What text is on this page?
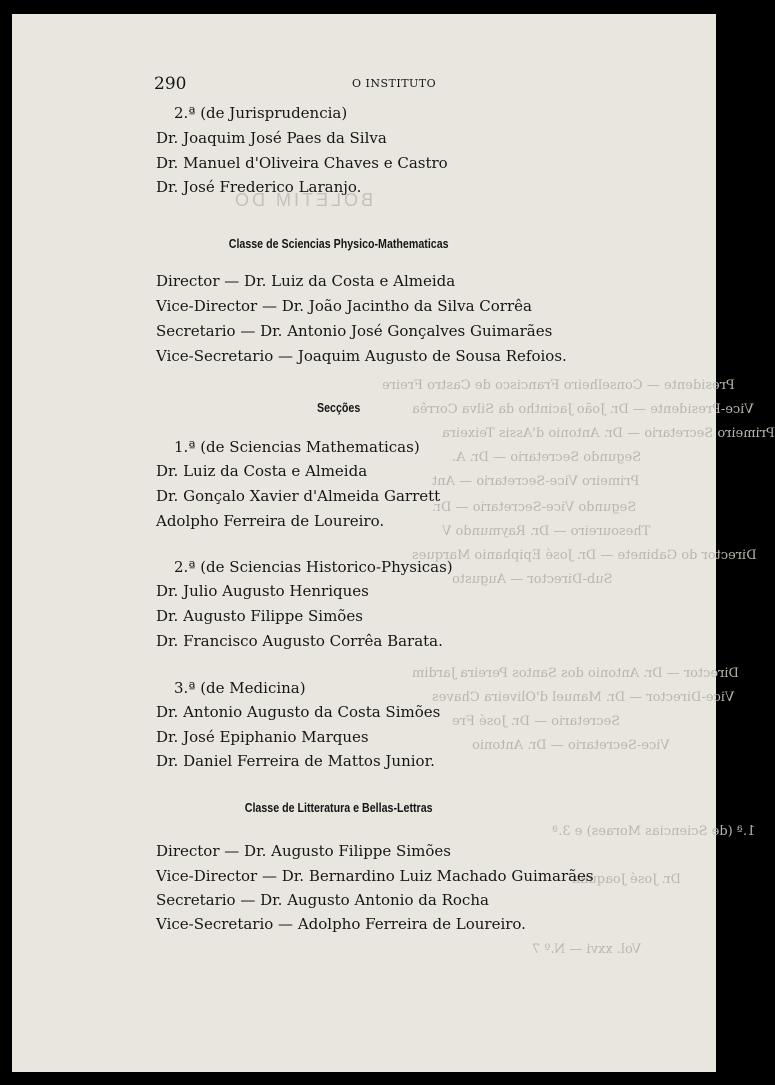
BOLETIM DO
Presidente — Conselheiro Francisco de Castro Freire
Vice-Presidente — Dr. João Jacintho da Silva Corrêa
Primeiro Secretario — Dr. Antonio d'Assis Teixeira
Segundo Secretario — Dr. A.
Primeiro Vice-Secretario — Ant
Segundo Vice-Secretario — Dr.
Thesoureiro — Dr. Raymundo V
Director do Gabinete — Dr. José Epiphanio Marques
Sub-Director — Augusto
Director — Dr. Antonio dos Santos Pereira Jardim
Vice-Director — Dr. Manuel d'Oliveira Chaves
Secretario — Dr. José Fre
Vice-Secretario — Dr. Antonio
1.ª (de Sciencias Moraes) e 3.ª
Dr. José Joaquim
Vol. xxvi — N.º 7
290	O INSTITUTO
2.ª (de Jurisprudencia)
Dr. Joaquim José Paes da Silva
Dr. Manuel d'Oliveira Chaves e Castro
Dr. José Frederico Laranjo.
Classe de Sciencias Physico-Mathematicas
Director — Dr. Luiz da Costa e Almeida
Vice-Director — Dr. João Jacintho da Silva Corrêa
Secretario — Dr. Antonio José Gonçalves Guimarães
Vice-Secretario — Joaquim Augusto de Sousa Refoios.
Secções
1.ª (de Sciencias Mathematicas)
Dr. Luiz da Costa e Almeida
Dr. Gonçalo Xavier d'Almeida Garrett
Adolpho Ferreira de Loureiro.
2.ª (de Sciencias Historico-Physicas)
Dr. Julio Augusto Henriques
Dr. Augusto Filippe Simões
Dr. Francisco Augusto Corrêa Barata.
3.ª (de Medicina)
Dr. Antonio Augusto da Costa Simões
Dr. José Epiphanio Marques
Dr. Daniel Ferreira de Mattos Junior.
Classe de Litteratura e Bellas-Lettras
Director — Dr. Augusto Filippe Simões
Vice-Director — Dr. Bernardino Luiz Machado Guimarães
Secretario — Dr. Augusto Antonio da Rocha
Vice-Secretario — Adolpho Ferreira de Loureiro.
